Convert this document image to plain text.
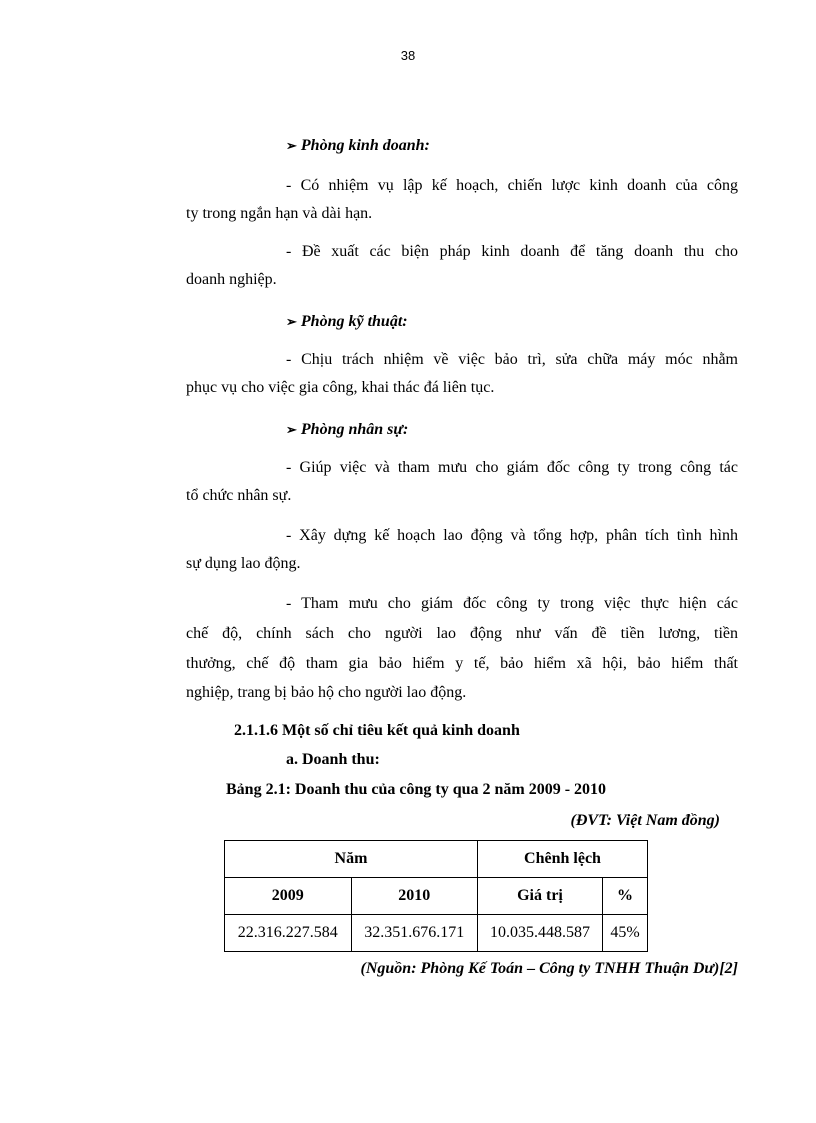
38
➢ Phòng kinh doanh:
- Có nhiệm vụ lập kế hoạch, chiến lược kinh doanh của công
ty trong ngắn hạn và dài hạn.
- Đề xuất các biện pháp kinh doanh để tăng doanh thu cho
doanh nghiệp.
➢ Phòng kỹ thuật:
- Chịu trách nhiệm về việc bảo trì, sửa chữa máy móc nhằm
phục vụ cho việc gia công, khai thác đá liên tục.
➢ Phòng nhân sự:
- Giúp việc và tham mưu cho giám đốc công ty trong công tác
tổ chức nhân sự.
- Xây dựng kế hoạch lao động và tổng hợp, phân tích tình hình
sự dụng lao động.
- Tham mưu cho giám đốc công ty trong việc thực hiện các
chế độ, chính sách cho người lao động như vấn đề tiền lương, tiền
thưởng, chế độ tham gia bảo hiểm y tế, bảo hiểm xã hội, bảo hiểm thất
nghiệp, trang bị bảo hộ cho người lao động.
2.1.1.6 Một số chỉ tiêu kết quả kinh doanh
a. Doanh thu:
Bảng 2.1: Doanh thu của công ty qua 2 năm 2009 - 2010
(ĐVT: Việt Nam đồng)
Năm		Chênh lệch	
2009	2010	Giá trị	%
22.316.227.584	32.351.676.171	10.035.448.587	45%
(Nguồn: Phòng Kế Toán – Công ty TNHH Thuận Dư)[2]
